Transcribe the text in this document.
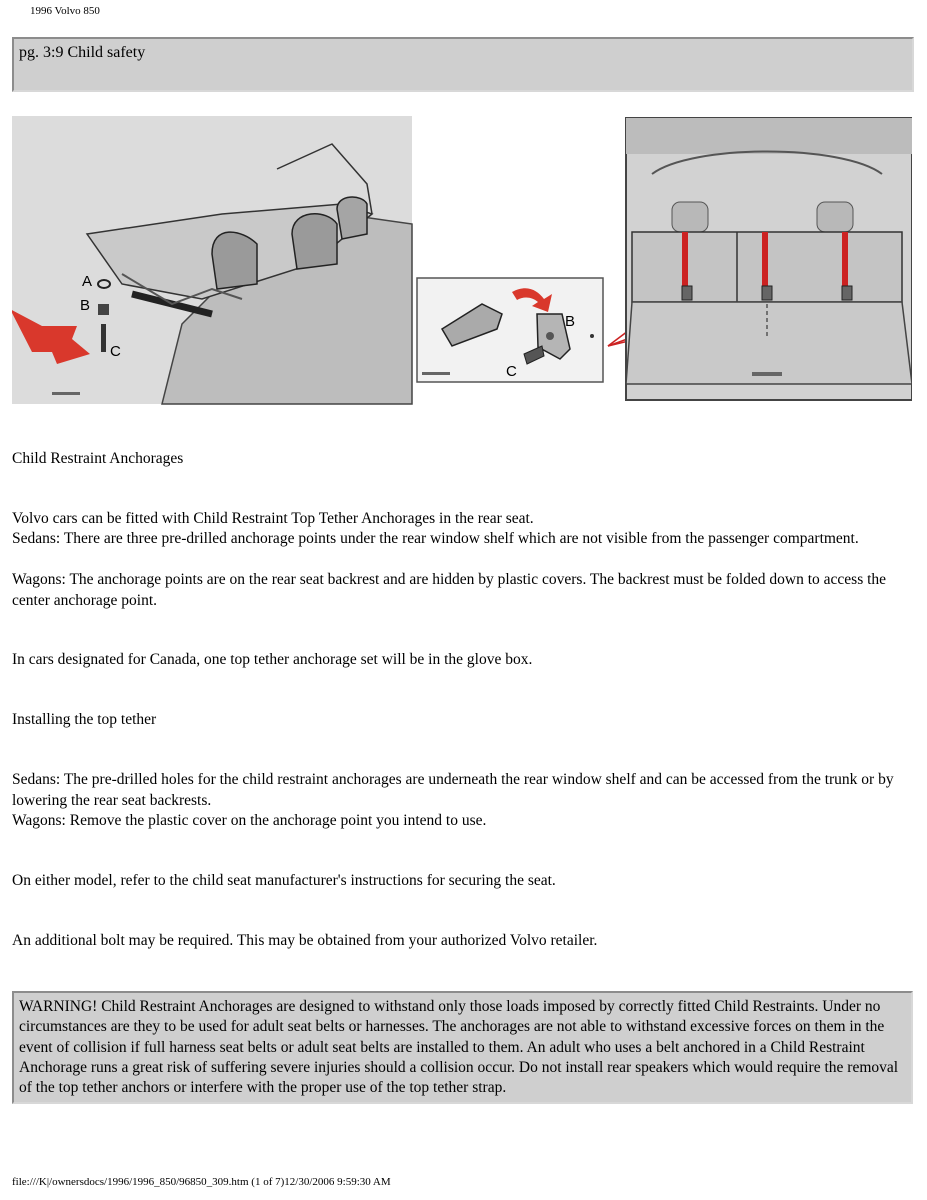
1996 Volvo 850
pg. 3:9 Child safety
A
B
C
B
C
Child Restraint Anchorages
Volvo cars can be fitted with Child Restraint Top Tether Anchorages in the rear seat.
Sedans: There are three pre-drilled anchorage points under the rear window shelf which are not visible from the passenger compartment.
Wagons: The anchorage points are on the rear seat backrest and are hidden by plastic covers. The backrest must be folded down to access the center anchorage point.
In cars designated for Canada, one top tether anchorage set will be in the glove box.
Installing the top tether
Sedans: The pre-drilled holes for the child restraint anchorages are underneath the rear window shelf and can be accessed from the trunk or by lowering the rear seat backrests.
Wagons: Remove the plastic cover on the anchorage point you intend to use.
On either model, refer to the child seat manufacturer's instructions for securing the seat.
An additional bolt may be required. This may be obtained from your authorized Volvo retailer.
WARNING! Child Restraint Anchorages are designed to withstand only those loads imposed by correctly fitted Child Restraints. Under no circumstances are they to be used for adult seat belts or harnesses. The anchorages are not able to withstand excessive forces on them in the event of collision if full harness seat belts or adult seat belts are installed to them. An adult who uses a belt anchored in a Child Restraint Anchorage runs a great risk of suffering severe injuries should a collision occur. Do not install rear speakers which would require the removal of the top tether anchors or interfere with the proper use of the top tether strap.
file:///K|/ownersdocs/1996/1996_850/96850_309.htm (1 of 7)12/30/2006 9:59:30 AM
